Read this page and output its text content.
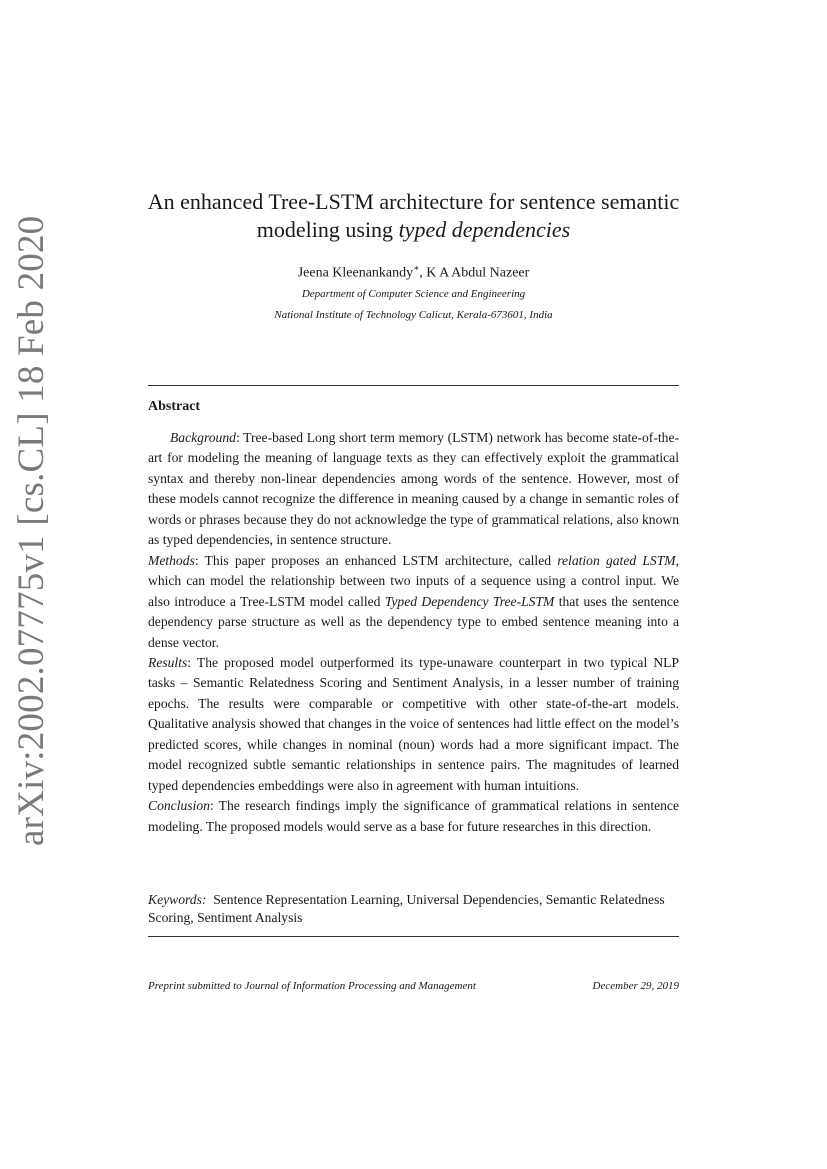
arXiv:2002.07775v1 [cs.CL] 18 Feb 2020
An enhanced Tree-LSTM architecture for sentence semantic
modeling using typed dependencies
Jeena Kleenankandy∗, K A Abdul Nazeer
Department of Computer Science and Engineering
National Institute of Technology Calicut, Kerala-673601, India
Abstract

Background: Tree-based Long short term memory (LSTM) network has become state-of-the-art for modeling the meaning of language texts as they can effectively exploit the grammatical syntax and thereby non-linear dependencies among words of the sentence. However, most of these models cannot recognize the difference in meaning caused by a change in semantic roles of words or phrases because they do not acknowledge the type of grammatical relations, also known as typed dependencies, in sentence structure.

Methods: This paper proposes an enhanced LSTM architecture, called relation gated LSTM, which can model the relationship between two inputs of a sequence using a control input. We also introduce a Tree-LSTM model called Typed Dependency Tree-LSTM that uses the sentence dependency parse structure as well as the dependency type to embed sentence meaning into a dense vector.

Results: The proposed model outperformed its type-unaware counterpart in two typical NLP tasks – Semantic Relatedness Scoring and Sentiment Analysis, in a lesser number of training epochs. The results were comparable or competitive with other state-of-the-art models. Qualitative analysis showed that changes in the voice of sentences had little effect on the model’s predicted scores, while changes in nominal (noun) words had a more significant impact. The model recognized subtle semantic relationships in sentence pairs. The magnitudes of learned typed dependencies embeddings were also in agreement with human intuitions.

Conclusion: The research findings imply the significance of grammatical relations in sentence modeling. The proposed models would serve as a base for future researches in this direction.

Keywords: Sentence Representation Learning, Universal Dependencies, Semantic Relatedness Scoring, Sentiment Analysis
Preprint submitted to Journal of Information Processing and Management	December 29, 2019
